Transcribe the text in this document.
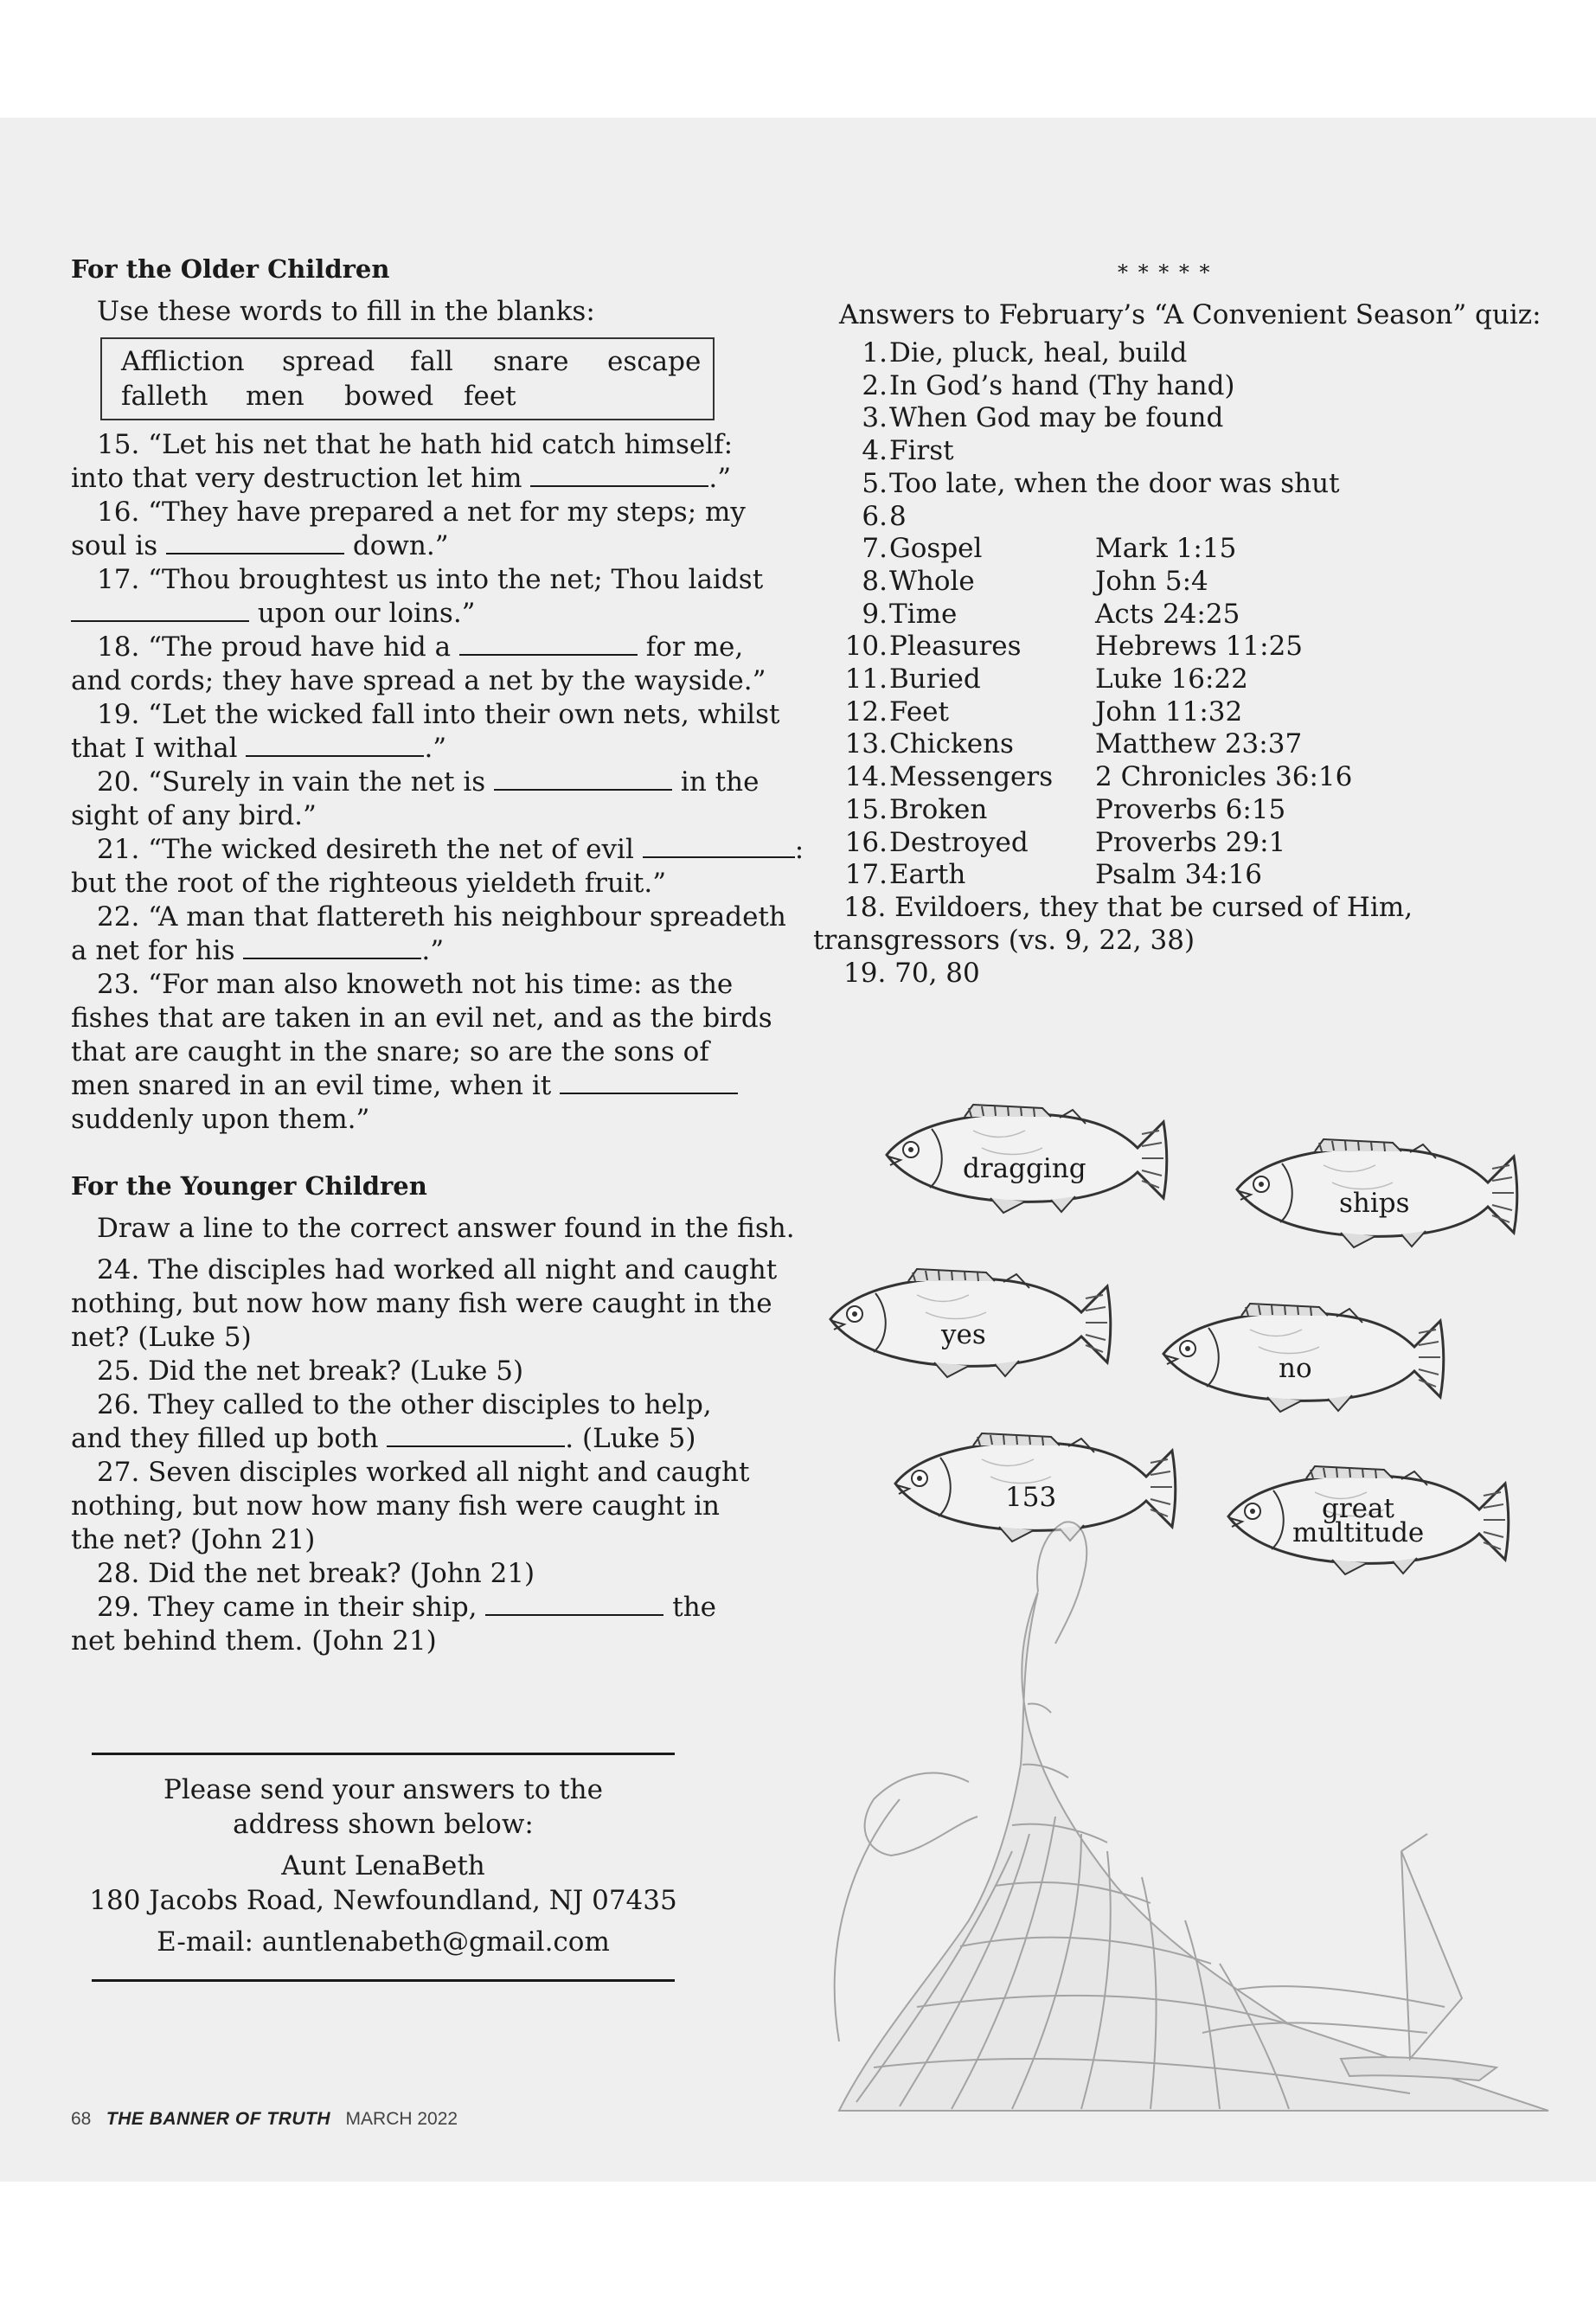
For the Older Children
Use these words to fill in the blanks:
Affliction spread fall snare escape
falleth men bowed feet
15. “Let his net that he hath hid catch himself:
into that very destruction let him	.”
16. “They have prepared a net for my steps; my
soul is	down.”
17. “Thou broughtest us into the net; Thou laidst
upon our loins.”
18. “The proud have hid a	for me,
and cords; they have spread a net by the wayside.”
19. “Let the wicked fall into their own nets, whilst
that I withal	.”
20. “Surely in vain the net is	in the
sight of any bird.”
21. “The wicked desireth the net of evil	:
but the root of the righteous yieldeth fruit.”
22. “A man that flattereth his neighbour spreadeth
a net for his	.”
23. “For man also knoweth not his time: as the
fishes that are taken in an evil net, and as the birds
that are caught in the snare; so are the sons of
men snared in an evil time, when it
suddenly upon them.”
For the Younger Children
Draw a line to the correct answer found in the fish.
24. The disciples had worked all night and caught
nothing, but now how many fish were caught in the
net? (Luke 5)
25. Did the net break? (Luke 5)
26. They called to the other disciples to help,
and they filled up both	. (Luke 5)
27. Seven disciples worked all night and caught
nothing, but now how many fish were caught in
the net? (John 21)
28. Did the net break? (John 21)
29. They came in their ship,	the
net behind them. (John 21)
Please send your answers to the
address shown below:
Aunt LenaBeth
180 Jacobs Road, Newfoundland, NJ 07435
E-mail: auntlenabeth@gmail.com
* * * * *
Answers to February’s “A Convenient Season” quiz:
1. Die, pluck, heal, build
2. In God’s hand (Thy hand)
3. When God may be found
4. First
5. Too late, when the door was shut
6. 8
7. Gospel	Mark 1:15
8. Whole	John 5:4
9. Time	Acts 24:25
10. Pleasures	Hebrews 11:25
11. Buried	Luke 16:22
12. Feet	John 11:32
13. Chickens	Matthew 23:37
14. Messengers 2 Chronicles 36:16
15. Broken	Proverbs 6:15
16. Destroyed Proverbs 29:1
17. Earth	Psalm 34:16
18. Evildoers, they that be cursed of Him,
transgressors (vs. 9, 22, 38)
19. 70, 80
dragging
ships
yes
no
153	great
multitude
68 THE BANNER OF TRUTH MARCH 2022
